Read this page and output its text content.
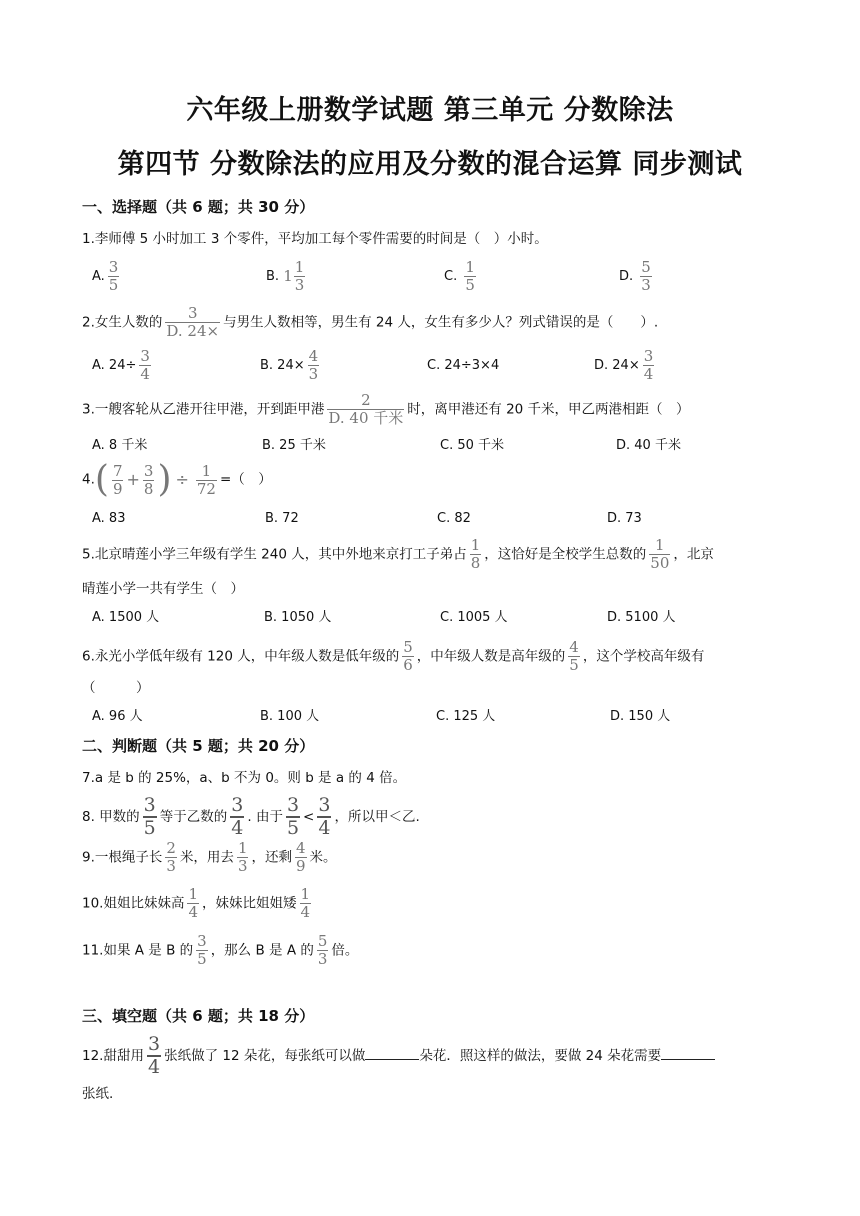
六年级上册数学试题 第三单元 分数除法
第四节 分数除法的应用及分数的混合运算 同步测试
一、选择题（共 6 题；共 30 分）
1.李师傅 5 小时加工 3 个零件，平均加工每个零件需要的时间是（　）小时。
A. $\frac{3}{5}$	B. $1 \frac{1}{3}$	C. $\frac{1}{5}$	D. $\frac{5}{3}$
2.女生人数的 $\frac{3}{D. 24\times}$ 与男生人数相等，男生有 24 人，女生有多少人？列式错误的是（　　）.
A. $24\div \frac{3}{4}$	B. $24\times \frac{4}{3}$	C. 24÷3×4	D. $24\times \frac{3}{4}$
3.一艘客轮从乙港开往甲港，开到距甲港 $\frac{2}{\text{D. 40 千米}}$ 时，离甲港还有 20 千米，甲乙两港相距（　）
A. 8 千米	B. 25 千米	C. 50 千米	D. 40 千米
$4.( \frac{7}{9} + \frac{3}{8}$ ) ÷ $\frac{1}{72}$ =（　）
A. 83	B. 72	C. 82	D. 73
5.北京晴莲小学三年级有学生 240 人，其中外地来京打工子弟占 $\frac{1}{8}$ ，这恰好是全校学生总数的 $\frac{1}{50}$ ，北京
晴莲小学一共有学生（　）
A. 1500 人	B. 1050 人	C. 1005 人	D. 5100 人
6.永光小学低年级有 120 人，中年级人数是低年级的 $\frac{5}{6}$ ，中年级人数是高年级的 $\frac{4}{5}$ ，这个学校高年级有
（　　　）
A. 96 人	B. 100 人	C. 125 人	D. 150 人
二、判断题（共 5 题；共 20 分）
7.a 是 b 的 25%，a、b 不为 0。则 b 是 a 的 4 倍。
8. 甲数的 $\frac{3}{5}$ 等于乙数的 $\frac{3}{4}$ . 由于 $\frac{3}{5} < \frac{3}{4}$ ，所以甲＜乙.
9.一根绳子长 $\frac{2}{3}$ 米，用去 $\frac{1}{3}$ ，还剩 $\frac{4}{9}$ 米。
10.姐姐比妹妹高 $\frac{1}{4}$ ，妹妹比姐姐矮 $\frac{1}{4}$
11.如果 A 是 B 的 $\frac{3}{5}$ ，那么 B 是 A 的 $\frac{5}{3}$ 倍。
三、填空题（共 6 题；共 18 分）
12.甜甜用 $\frac{3}{4}$ 张纸做了 12 朵花，每张纸可以做	朵花．照这样的做法，要做 24 朵花需要
张纸.
